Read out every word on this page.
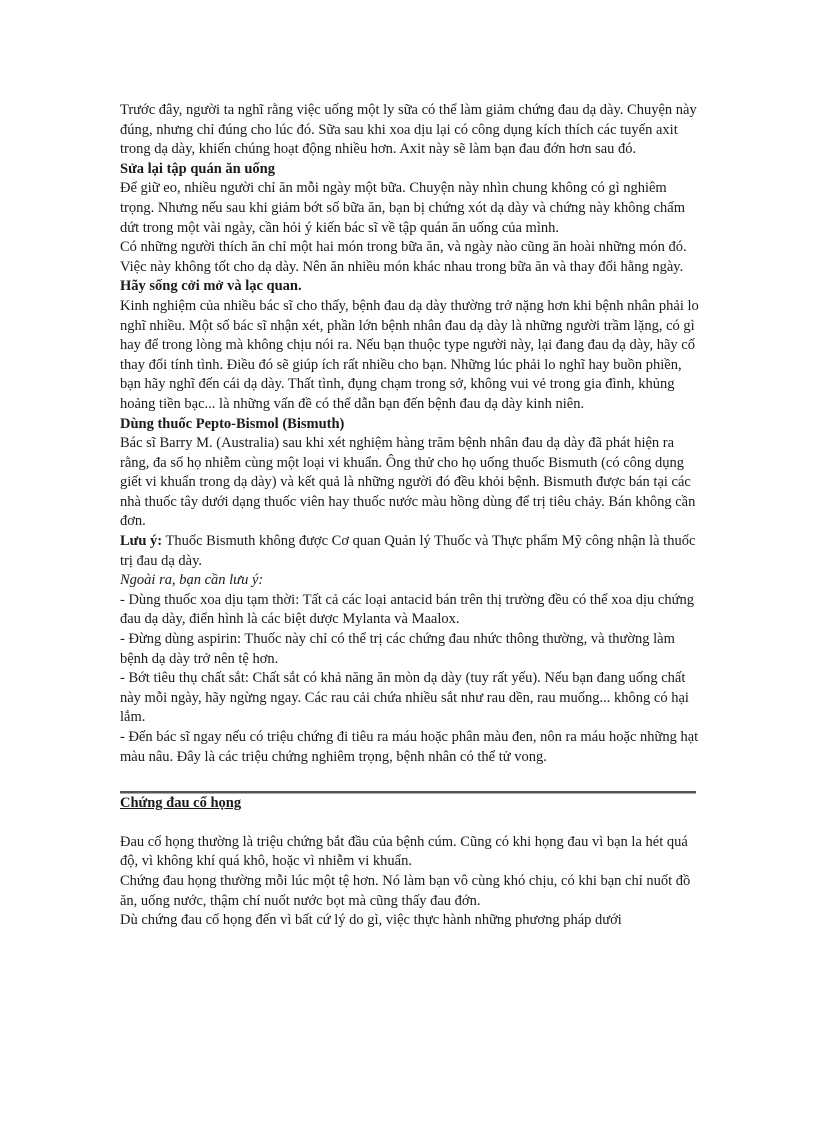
Trước đây, người ta nghĩ rằng việc uống một ly sữa có thể làm giảm chứng đau dạ dày. Chuyện này đúng, nhưng chỉ đúng cho lúc đó. Sữa sau khi xoa dịu lại có công dụng kích thích các tuyến axit trong dạ dày, khiến chúng hoạt động nhiều hơn. Axit này sẽ làm bạn đau đớn hơn sau đó.

Sửa lại tập quán ăn uống

Để giữ eo, nhiều người chỉ ăn mỗi ngày một bữa. Chuyện này nhìn chung không có gì nghiêm trọng. Nhưng nếu sau khi giảm bớt số bữa ăn, bạn bị chứng xót dạ dày và chứng này không chấm dứt trong một vài ngày, cần hỏi ý kiến bác sĩ về tập quán ăn uống của mình.

Có những người thích ăn chỉ một hai món trong bữa ăn, và ngày nào cũng ăn hoài những món đó. Việc này không tốt cho dạ dày. Nên ăn nhiều món khác nhau trong bữa ăn và thay đổi hằng ngày.

Hãy sống cởi mở và lạc quan.

Kinh nghiệm của nhiều bác sĩ cho thấy, bệnh đau dạ dày thường trở nặng hơn khi bệnh nhân phải lo nghĩ nhiều. Một số bác sĩ nhận xét, phần lớn bệnh nhân đau dạ dày là những người trầm lặng, có gì hay để trong lòng mà không chịu nói ra. Nếu bạn thuộc type người này, lại đang đau dạ dày, hãy cố thay đổi tính tình. Điều đó sẽ giúp ích rất nhiều cho bạn. Những lúc phải lo nghĩ hay buồn phiền, bạn hãy nghĩ đến cái dạ dày. Thất tình, đụng chạm trong sở, không vui vẻ trong gia đình, khủng hoảng tiền bạc... là những vấn đề có thể dẫn bạn đến bệnh đau dạ dày kinh niên.

Dùng thuốc Pepto-Bismol (Bismuth)

Bác sĩ Barry M. (Australia) sau khi xét nghiệm hàng trăm bệnh nhân đau dạ dày đã phát hiện ra rằng, đa số họ nhiễm cùng một loại vi khuẩn. Ông thử cho họ uống thuốc Bismuth (có công dụng giết vi khuẩn trong dạ dày) và kết quả là những người đó đều khỏi bệnh. Bismuth được bán tại các nhà thuốc tây dưới dạng thuốc viên hay thuốc nước màu hồng dùng để trị tiêu chảy. Bán không cần đơn.

Lưu ý: Thuốc Bismuth không được Cơ quan Quản lý Thuốc và Thực phẩm Mỹ công nhận là thuốc trị đau dạ dày.

Ngoài ra, bạn cần lưu ý:

- Dùng thuốc xoa dịu tạm thời: Tất cả các loại antacid bán trên thị trường đều có thể xoa dịu chứng đau dạ dày, điển hình là các biệt dược Mylanta và Maalox.

- Đừng dùng aspirin: Thuốc này chỉ có thể trị các chứng đau nhức thông thường, và thường làm bệnh dạ dày trở nên tệ hơn.

- Bớt tiêu thụ chất sắt: Chất sắt có khả năng ăn mòn dạ dày (tuy rất yếu). Nếu bạn đang uống chất này mỗi ngày, hãy ngừng ngay. Các rau cải chứa nhiều sắt như rau dền, rau muống... không có hại lắm.

- Đến bác sĩ ngay nếu có triệu chứng đi tiêu ra máu hoặc phân màu đen, nôn ra máu hoặc những hạt màu nâu. Đây là các triệu chứng nghiêm trọng, bệnh nhân có thể tử vong.

Chứng đau cổ họng

Đau cổ họng thường là triệu chứng bắt đầu của bệnh cúm. Cũng có khi họng đau vì bạn la hét quá độ, vì không khí quá khô, hoặc vì nhiễm vi khuẩn.

Chứng đau họng thường mỗi lúc một tệ hơn. Nó làm bạn vô cùng khó chịu, có khi bạn chỉ nuốt đồ ăn, uống nước, thậm chí nuốt nước bọt mà cũng thấy đau đớn.

Dù chứng đau cổ họng đến vì bất cứ lý do gì, việc thực hành những phương pháp dưới
